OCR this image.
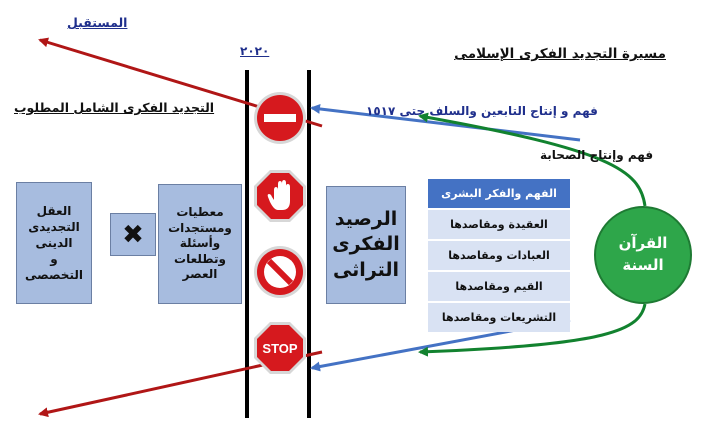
مسيرة التجديد الفكرى الإسلامى
المستقبل
٢٠٢٠
التجديد الفكرى الشامل المطلوب	فهم و إنتاج التابعين والسلف حتى ١٥١٧
فهم وإنتاج الصحابة
العقل
التجديدى
الدينى
و
التخصصى
✖
معطيات
ومستجدات
وأسئلة
وتطلعات
العصر
الرصيد
الفكرى
التراثى
STOP
الفهم والفكر البشرى
العقيدة ومقاصدها
العبادات ومقاصدها
القيم ومقاصدها
التشريعات ومقاصدها
القرآن
السنة
